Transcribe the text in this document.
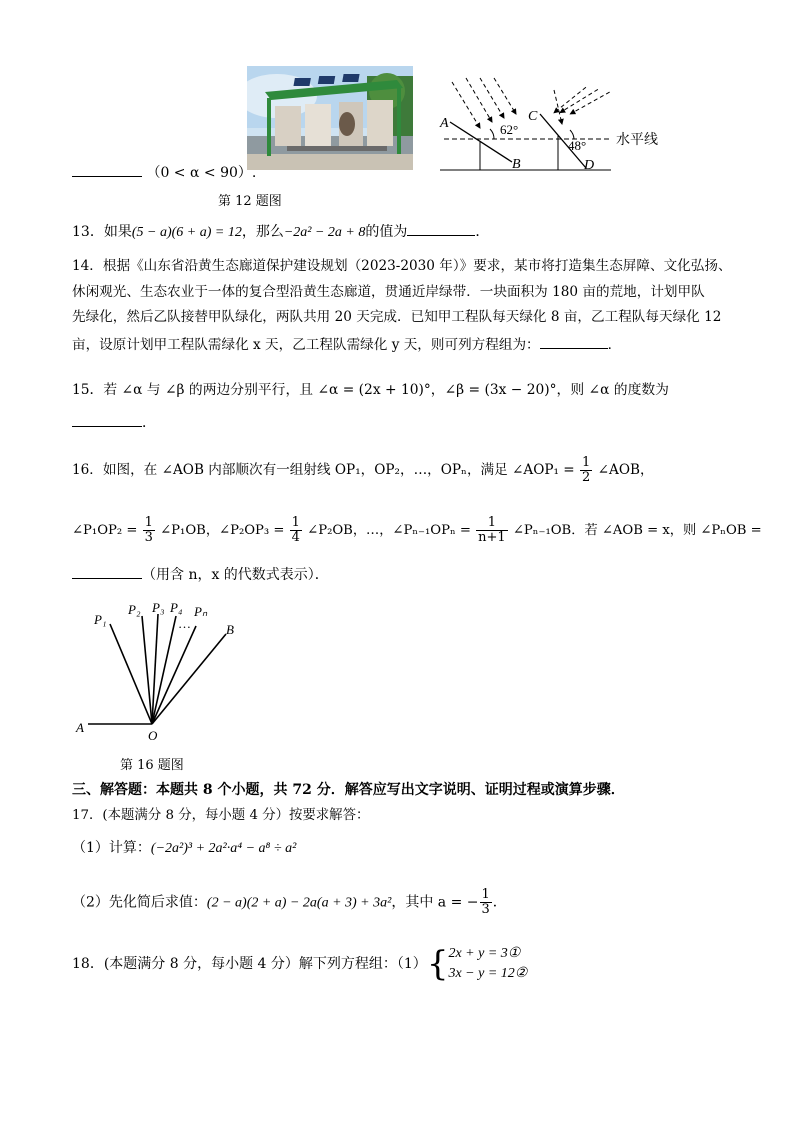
A
B
C
D
62°
48° 水平线
（0 < α < 90）.
第 12 题图
13．如果(5 − a)(6 + a) = 12，那么−2a² − 2a + 8的值为	．
14．根据《山东省沿黄生态廊道保护建设规划（2023-2030 年）》要求，某市将打造集生态屏障、文化弘扬、
休闲观光、生态农业于一体的复合型沿黄生态廊道，贯通近岸绿带．一块面积为 180 亩的荒地，计划甲队
先绿化，然后乙队接替甲队绿化，两队共用 20 天完成．已知甲工程队每天绿化 8 亩，乙工程队每天绿化 12
亩，设原计划甲工程队需绿化 x 天，乙工程队需绿化 y 天，则可列方程组为：	．
15．若 ∠α 与 ∠β 的两边分别平行，且 ∠α = (2x + 10)°，∠β = (3x − 20)°，则 ∠α 的度数为
．
16．如图，在 ∠AOB 内部顺次有一组射线 OP₁，OP₂，…，OPₙ，满足 ∠AOP₁ = $\frac{1}{2}$ ∠AOB，
∠P₁OP₂ = $\frac{1}{3}$ ∠P₁OB，∠P₂OP₃ = $\frac{1}{4}$ ∠P₂OB，…，∠Pₙ₋₁OPₙ = $\frac{1}{n+1}$ ∠Pₙ₋₁OB．若 ∠AOB = x，则 ∠PₙOB =
（用含 n，x 的代数式表示）．
P₁
P₂ P₃ P₄
…
Pₙ
B
A
O
第 16 题图
三、解答题：本题共 8 个小题，共 72 分．解答应写出文字说明、证明过程或演算步骤．
17．(本题满分 8 分，每小题 4 分）按要求解答：
（1）计算：(−2a²)³ + 2a²·a⁴ − a⁸ ÷ a²
（2）先化简后求值：(2 − a)(2 + a) − 2a(a + 3) + 3a²，其中 a = − $\frac{1}{3}$ ．
18．(本题满分 8 分，每小题 4 分）解下列方程组：（1）{ 2x + y = 3①
3x − y = 12②
